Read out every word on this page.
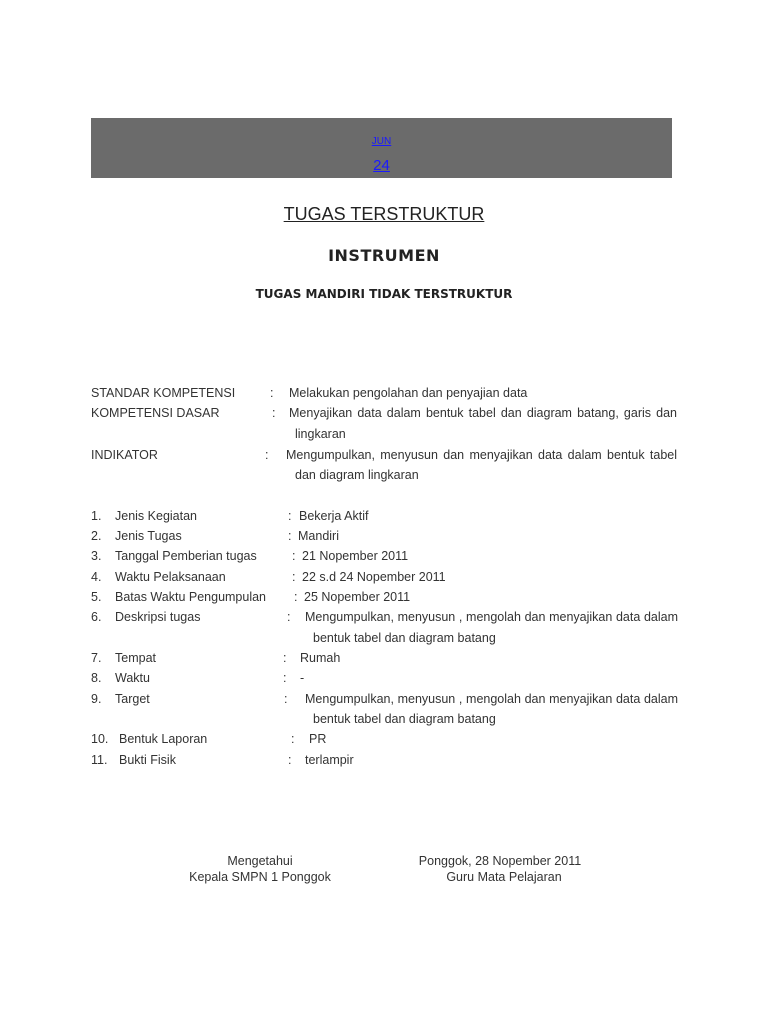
JUN
24
TUGAS TERSTRUKTUR
INSTRUMEN
TUGAS MANDIRI TIDAK TERSTRUKTUR
STANDAR KOMPETENSI	: Melakukan pengolahan dan penyajian data
KOMPETENSI DASAR	: Menyajikan data dalam bentuk tabel dan diagram batang, garis dan
lingkaran
INDIKATOR	: Mengumpulkan, menyusun dan menyajikan data dalam bentuk tabel
dan diagram lingkaran
1. Jenis Kegiatan	: Bekerja Aktif
2. Jenis Tugas	: Mandiri
3. Tanggal Pemberian tugas	: 21 Nopember 2011
4. Waktu Pelaksanaan	: 22 s.d 24 Nopember 2011
5. Batas Waktu Pengumpulan : 25 Nopember 2011
6. Deskripsi tugas	: Mengumpulkan, menyusun , mengolah dan menyajikan data dalam
bentuk tabel dan diagram batang
7. Tempat	: Rumah
8. Waktu	: -
9. Target	: Mengumpulkan, menyusun , mengolah dan menyajikan data dalam
bentuk tabel dan diagram batang
10. Bentuk Laporan	: PR
11. Bukti Fisik	: terlampir
Mengetahui
Kepala SMPN 1 Ponggok
Ponggok, 28 Nopember 2011
Guru Mata Pelajaran
